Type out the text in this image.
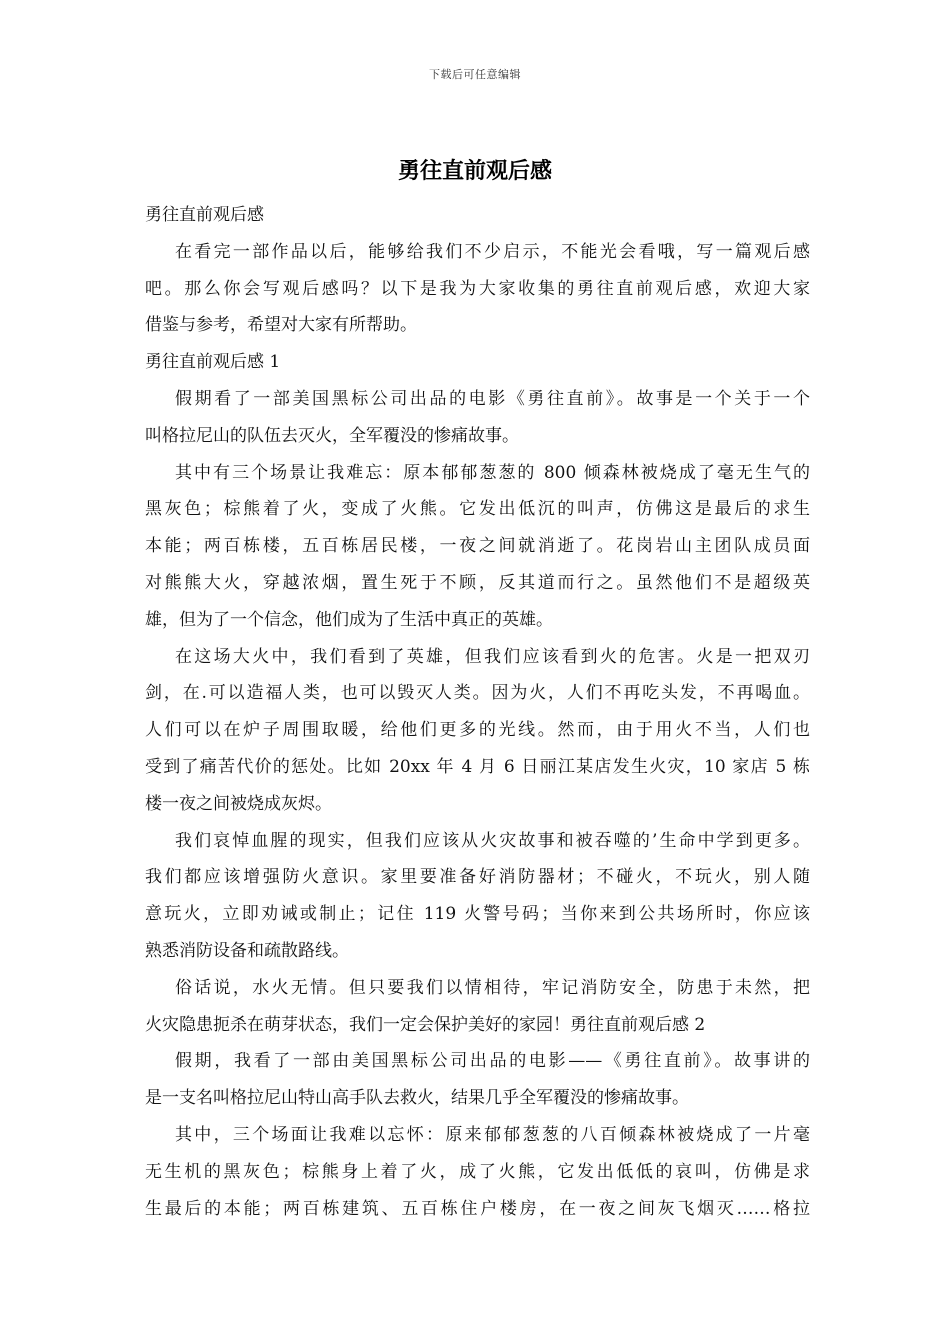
下载后可任意编辑
勇往直前观后感
勇往直前观后感
在看完一部作品以后，能够给我们不少启示，不能光会看哦，写一篇观后感
吧。那么你会写观后感吗？以下是我为大家收集的勇往直前观后感，欢迎大家
借鉴与参考，希望对大家有所帮助。
勇往直前观后感 1
假期看了一部美国黑标公司出品的电影《勇往直前》。故事是一个关于一个
叫格拉尼山的队伍去灭火，全军覆没的惨痛故事。
其中有三个场景让我难忘：原本郁郁葱葱的 800 倾森林被烧成了毫无生气的
黑灰色；棕熊着了火，变成了火熊。它发出低沉的叫声，仿佛这是最后的求生
本能；两百栋楼，五百栋居民楼，一夜之间就消逝了。花岗岩山主团队成员面
对熊熊大火，穿越浓烟，置生死于不顾，反其道而行之。虽然他们不是超级英
雄，但为了一个信念，他们成为了生活中真正的英雄。
在这场大火中，我们看到了英雄，但我们应该看到火的危害。火是一把双刃
剑，在.可以造福人类，也可以毁灭人类。因为火，人们不再吃头发，不再喝血。
人们可以在炉子周围取暖，给他们更多的光线。然而，由于用火不当，人们也
受到了痛苦代价的惩处。比如 20xx 年 4 月 6 日丽江某店发生火灾，10 家店 5 栋
楼一夜之间被烧成灰烬。
我们哀悼血腥的现实，但我们应该从火灾故事和被吞噬的’生命中学到更多。
我们都应该增强防火意识。家里要准备好消防器材；不碰火，不玩火，别人随
意玩火，立即劝诫或制止；记住 119 火警号码；当你来到公共场所时，你应该
熟悉消防设备和疏散路线。
俗话说，水火无情。但只要我们以情相待，牢记消防安全，防患于未然，把
火灾隐患扼杀在萌芽状态，我们一定会保护美好的家园！勇往直前观后感 2
假期，我看了一部由美国黑标公司出品的电影——《勇往直前》。故事讲的
是一支名叫格拉尼山特山高手队去救火，结果几乎全军覆没的惨痛故事。
其中，三个场面让我难以忘怀：原来郁郁葱葱的八百倾森林被烧成了一片毫
无生机的黑灰色；棕熊身上着了火，成了火熊，它发出低低的哀叫，仿佛是求
生最后的本能；两百栋建筑、五百栋住户楼房，在一夜之间灰飞烟灭……格拉
